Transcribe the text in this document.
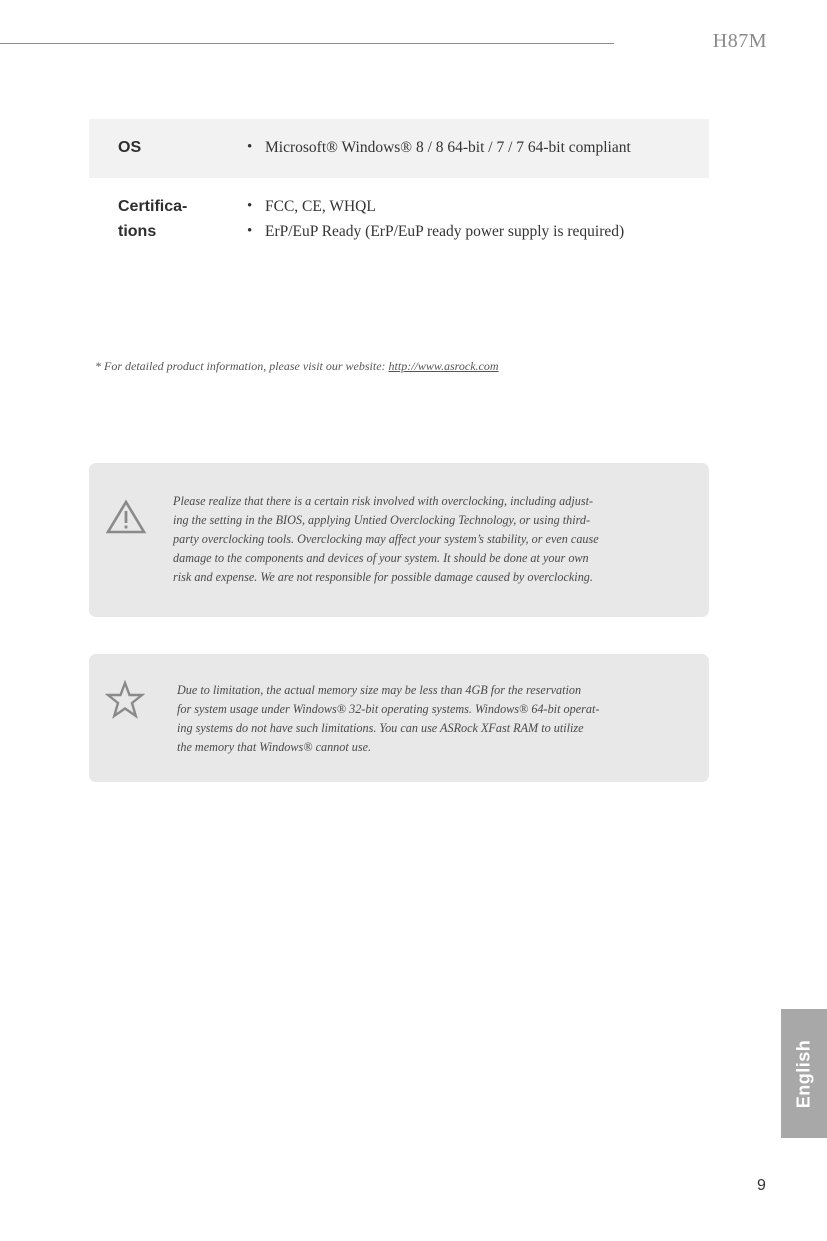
H87M
OS
•	Microsoft® Windows® 8 / 8 64-bit / 7 / 7 64-bit compliant
Certifica-
tions
• FCC, CE, WHQL
• ErP/EuP Ready (ErP/EuP ready power supply is required)
* For detailed product information, please visit our website: http://www.asrock.com
Please realize that there is a certain risk involved with overclocking, including adjust-
ing the setting in the BIOS, applying Untied Overclocking Technology, or using third-
party overclocking tools. Overclocking may affect your system’s stability, or even cause
damage to the components and devices of your system. It should be done at your own
risk and expense. We are not responsible for possible damage caused by overclocking.
Due to limitation, the actual memory size may be less than 4GB for the reservation
for system usage under Windows® 32-bit operating systems. Windows® 64-bit operat-
ing systems do not have such limitations. You can use ASRock XFast RAM to utilize
the memory that Windows® cannot use.
English
9
